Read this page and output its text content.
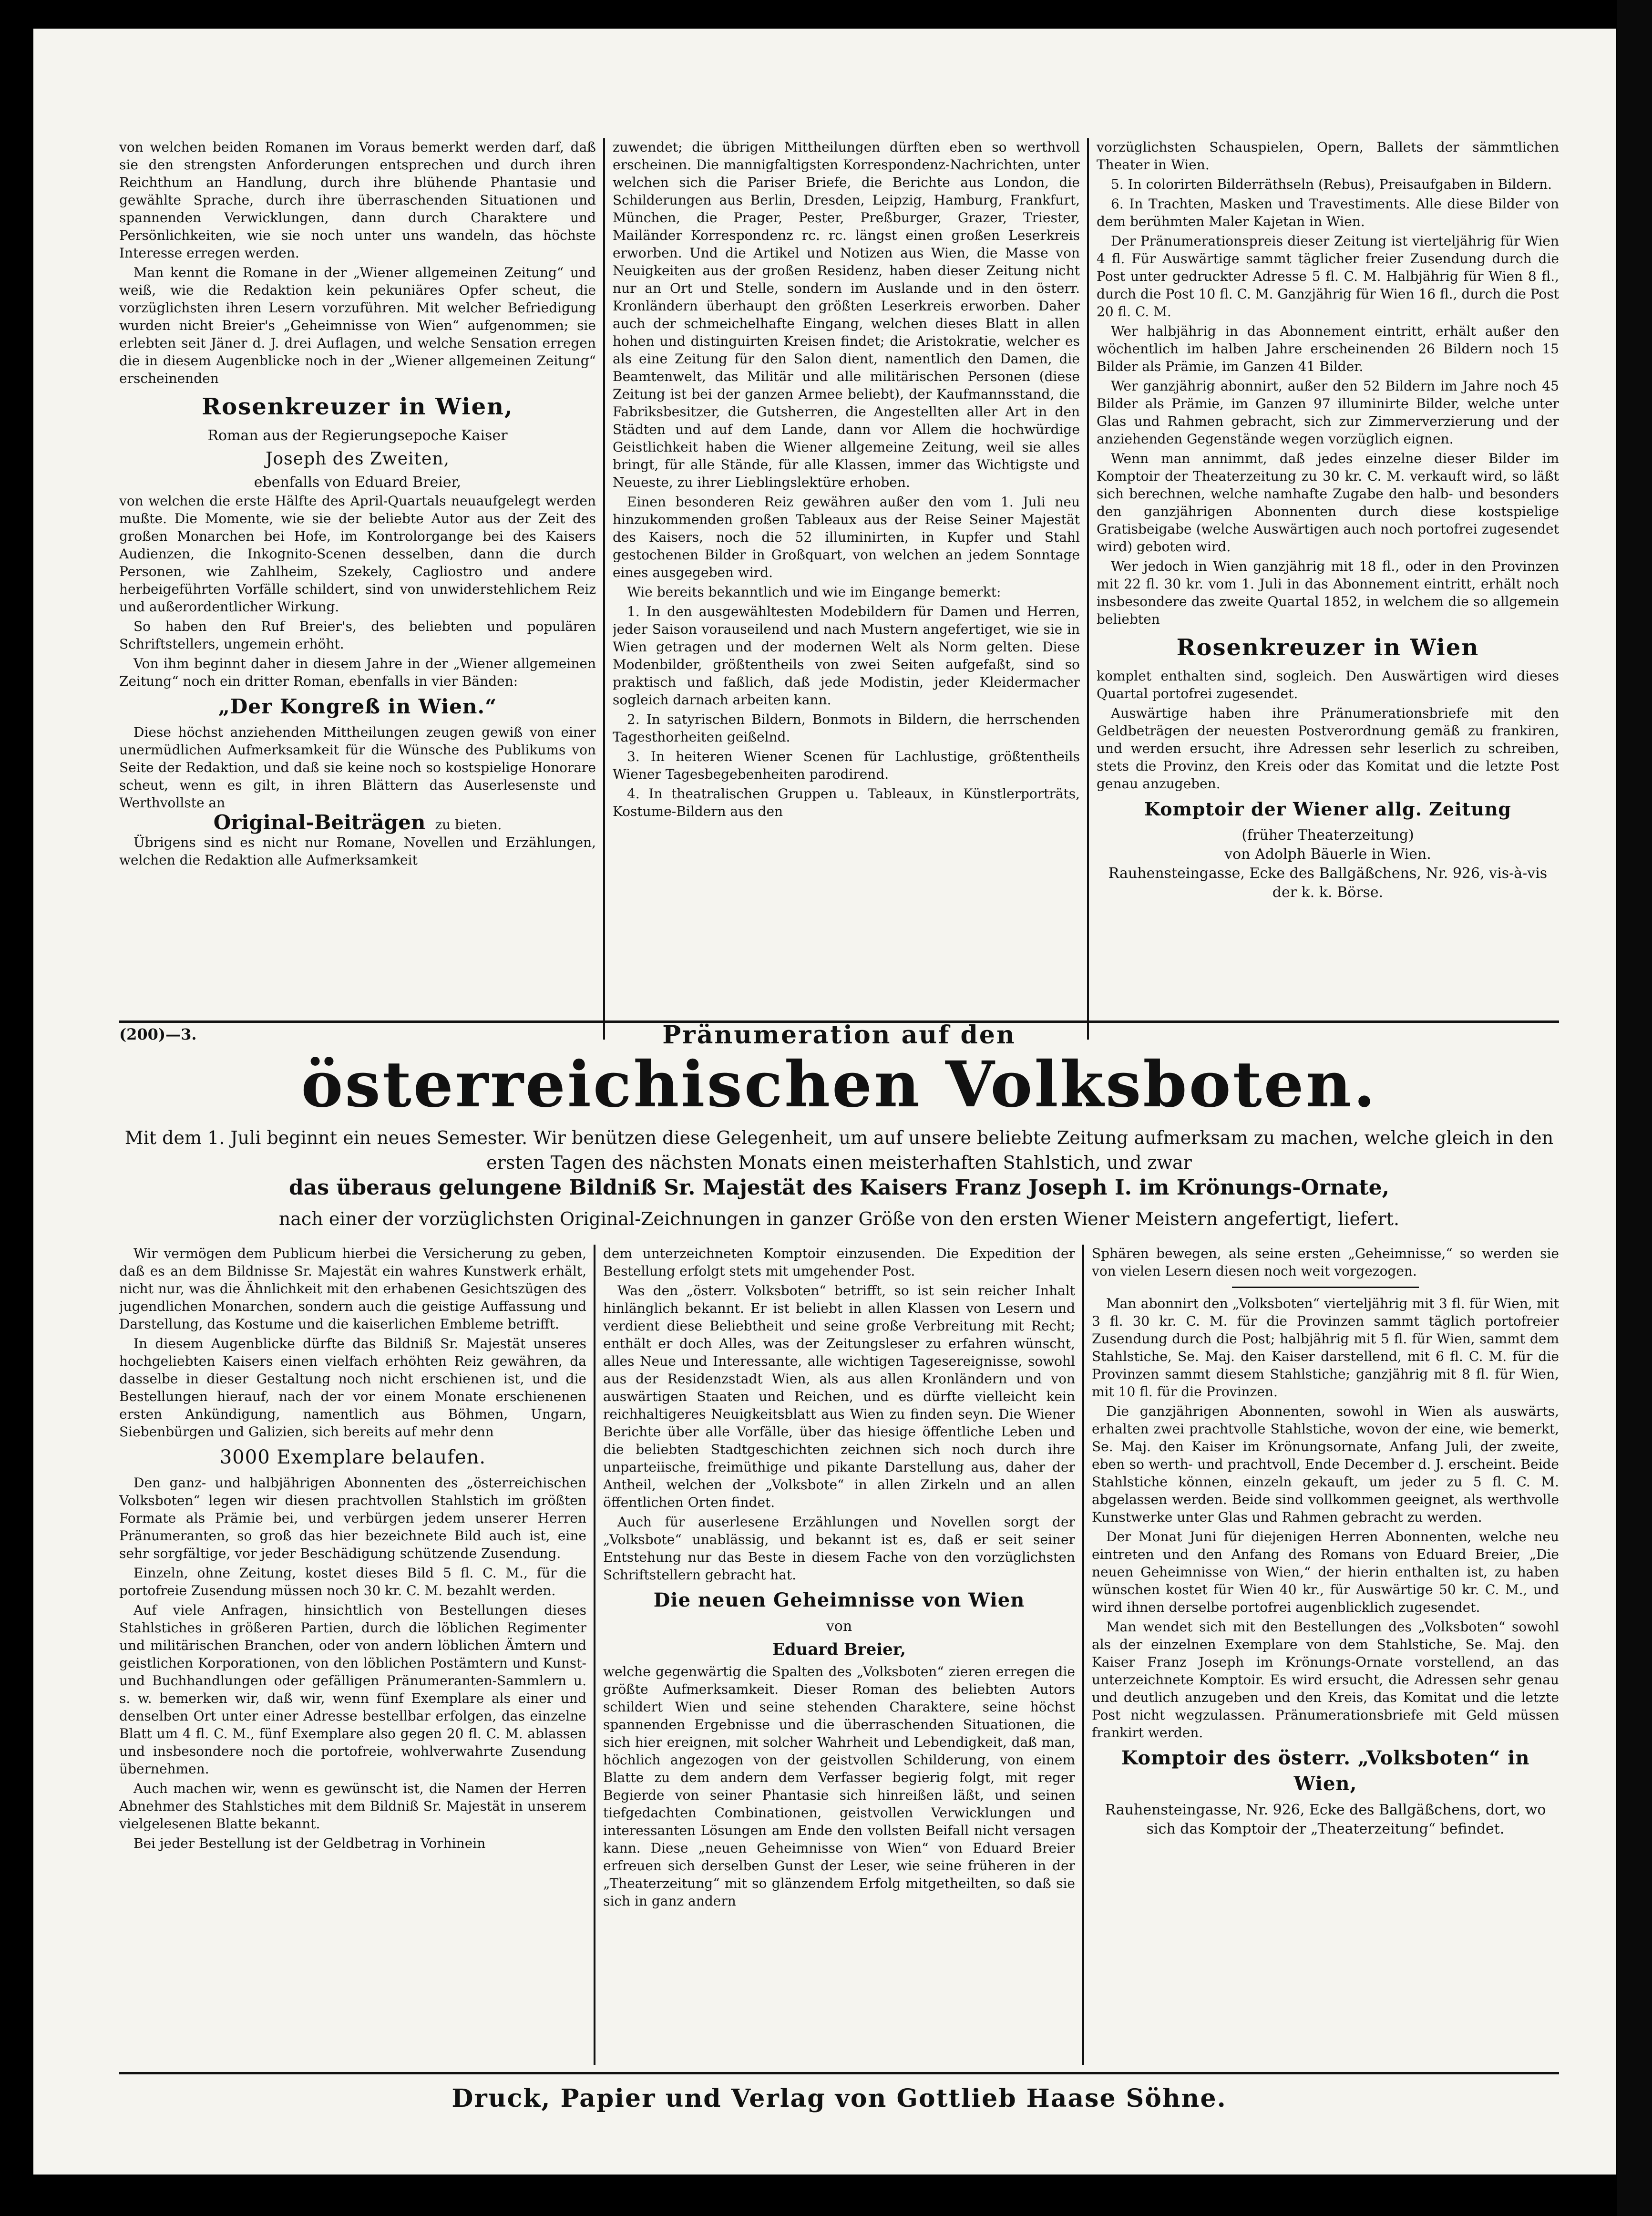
von welchen beiden Romanen im Voraus bemerkt werden darf, daß sie den strengsten Anforderungen entsprechen und durch ihren Reichthum an Handlung, durch ihre blühende Phantasie und gewählte Sprache, durch ihre überraschenden Situationen und spannenden Verwicklungen, dann durch Charaktere und Persönlichkeiten, wie sie noch unter uns wandeln, das höchste Interesse erregen werden.

Man kennt die Romane in der „Wiener allgemeinen Zeitung“ und weiß, wie die Redaktion kein pekuniäres Opfer scheut, die vorzüglichsten ihren Lesern vorzuführen. Mit welcher Befriedigung wurden nicht Breier's „Geheimnisse von Wien“ aufgenommen; sie erlebten seit Jäner d. J. drei Auflagen, und welche Sensation erregen die in diesem Augenblicke noch in der „Wiener allgemeinen Zeitung“ erscheinenden

Rosenkreuzer in Wien,
Roman aus der Regierungsepoche Kaiser
Joseph des Zweiten,
ebenfalls von Eduard Breier,

von welchen die erste Hälfte des April-Quartals neuaufgelegt werden mußte. Die Momente, wie sie der beliebte Autor aus der Zeit des großen Monarchen bei Hofe, im Kontrolorgange bei des Kaisers Audienzen, die Inkognito-Scenen desselben, dann die durch Personen, wie Zahlheim, Szekely, Cagliostro und andere herbeigeführten Vorfälle schildert, sind von unwiderstehlichem Reiz und außerordentlicher Wirkung.

So haben den Ruf Breier's, des beliebten und populären Schriftstellers, ungemein erhöht.

Von ihm beginnt daher in diesem Jahre in der „Wiener allgemeinen Zeitung“ noch ein dritter Roman, ebenfalls in vier Bänden:

„Der Kongreß in Wien.“

Diese höchst anziehenden Mittheilungen zeugen gewiß von einer unermüdlichen Aufmerksamkeit für die Wünsche des Publikums von Seite der Redaktion, und daß sie keine noch so kostspielige Honorare scheut, wenn es gilt, in ihren Blättern das Auserlesenste und Werthvollste an

Original-Beiträgen zu bieten.

Übrigens sind es nicht nur Romane, Novellen und Erzählungen, welchen die Redaktion alle Aufmerksamkeit

zuwendet; die übrigen Mittheilungen dürften eben so werthvoll erscheinen. Die mannigfaltigsten Korrespondenz-Nachrichten, unter welchen sich die Pariser Briefe, die Berichte aus London, die Schilderungen aus Berlin, Dresden, Leipzig, Hamburg, Frankfurt, München, die Prager, Pester, Preßburger, Grazer, Triester, Mailänder Korrespondenz rc. rc. längst einen großen Leserkreis erworben. Und die Artikel und Notizen aus Wien, die Masse von Neuigkeiten aus der großen Residenz, haben dieser Zeitung nicht nur an Ort und Stelle, sondern im Auslande und in den österr. Kronländern überhaupt den größten Leserkreis erworben. Daher auch der schmeichelhafte Eingang, welchen dieses Blatt in allen hohen und distinguirten Kreisen findet; die Aristokratie, welcher es als eine Zeitung für den Salon dient, namentlich den Damen, die Beamtenwelt, das Militär und alle militärischen Personen (diese Zeitung ist bei der ganzen Armee beliebt), der Kaufmannsstand, die Fabriksbesitzer, die Gutsherren, die Angestellten aller Art in den Städten und auf dem Lande, dann vor Allem die hochwürdige Geistlichkeit haben die Wiener allgemeine Zeitung, weil sie alles bringt, für alle Stände, für alle Klassen, immer das Wichtigste und Neueste, zu ihrer Lieblingslektüre erhoben.

Einen besonderen Reiz gewähren außer den vom 1. Juli neu hinzukommenden großen Tableaux aus der Reise Seiner Majestät des Kaisers, noch die 52 illuminirten, in Kupfer und Stahl gestochenen Bilder in Großquart, von welchen an jedem Sonntage eines ausgegeben wird.

Wie bereits bekanntlich und wie im Eingange bemerkt:

1. In den ausgewähltesten Modebildern für Damen und Herren, jeder Saison vorauseilend und nach Mustern angefertiget, wie sie in Wien getragen und der modernen Welt als Norm gelten. Diese Modenbilder, größtentheils von zwei Seiten aufgefaßt, sind so praktisch und faßlich, daß jede Modistin, jeder Kleidermacher sogleich darnach arbeiten kann.

2. In satyrischen Bildern, Bonmots in Bildern, die herrschenden Tagesthorheiten geißelnd.

3. In heiteren Wiener Scenen für Lachlustige, größtentheils Wiener Tagesbegebenheiten parodirend.

4. In theatralischen Gruppen u. Tableaux, in Künstlerporträts, Kostume-Bildern aus den

vorzüglichsten Schauspielen, Opern, Ballets der sämmtlichen Theater in Wien.

5. In colorirten Bilderräthseln (Rebus), Preisaufgaben in Bildern.

6. In Trachten, Masken und Travestiments. Alle diese Bilder von dem berühmten Maler Kajetan in Wien.

Der Pränumerationspreis dieser Zeitung ist vierteljährig für Wien 4 fl. Für Auswärtige sammt täglicher freier Zusendung durch die Post unter gedruckter Adresse 5 fl. C. M. Halbjährig für Wien 8 fl., durch die Post 10 fl. C. M. Ganzjährig für Wien 16 fl., durch die Post 20 fl. C. M.

Wer halbjährig in das Abonnement eintritt, erhält außer den wöchentlich im halben Jahre erscheinenden 26 Bildern noch 15 Bilder als Prämie, im Ganzen 41 Bilder.

Wer ganzjährig abonnirt, außer den 52 Bildern im Jahre noch 45 Bilder als Prämie, im Ganzen 97 illuminirte Bilder, welche unter Glas und Rahmen gebracht, sich zur Zimmerverzierung und der anziehenden Gegenstände wegen vorzüglich eignen.

Wenn man annimmt, daß jedes einzelne dieser Bilder im Komptoir der Theaterzeitung zu 30 kr. C. M. verkauft wird, so läßt sich berechnen, welche namhafte Zugabe den halb- und besonders den ganzjährigen Abonnenten durch diese kostspielige Gratisbeigabe (welche Auswärtigen auch noch portofrei zugesendet wird) geboten wird.

Wer jedoch in Wien ganzjährig mit 18 fl., oder in den Provinzen mit 22 fl. 30 kr. vom 1. Juli in das Abonnement eintritt, erhält noch insbesondere das zweite Quartal 1852, in welchem die so allgemein beliebten

Rosenkreuzer in Wien

komplet enthalten sind, sogleich. Den Auswärtigen wird dieses Quartal portofrei zugesendet.

Auswärtige haben ihre Pränumerationsbriefe mit den Geldbeträgen der neuesten Postverordnung gemäß zu frankiren, und werden ersucht, ihre Adressen sehr leserlich zu schreiben, stets die Provinz, den Kreis oder das Komitat und die letzte Post genau anzugeben.

Komptoir der Wiener allg. Zeitung
(früher Theaterzeitung)
von Adolph Bäuerle in Wien.
Rauhensteingasse, Ecke des Ballgäßchens, Nr. 926, vis-à-vis der k. k. Börse.
(200)—3.	Pränumeration auf den
österreichischen Volksboten.
Mit dem 1. Juli beginnt ein neues Semester. Wir benützen diese Gelegenheit, um auf unsere beliebte Zeitung aufmerksam zu machen, welche gleich in den ersten Tagen des nächsten Monats einen meisterhaften Stahlstich, und zwar
das überaus gelungene Bildniß Sr. Majestät des Kaisers Franz Joseph I. im Krönungs-Ornate,
nach einer der vorzüglichsten Original-Zeichnungen in ganzer Größe von den ersten Wiener Meistern angefertigt, liefert.

Wir vermögen dem Publicum hierbei die Versicherung zu geben, daß es an dem Bildnisse Sr. Majestät ein wahres Kunstwerk erhält, nicht nur, was die Ähnlichkeit mit den erhabenen Gesichtszügen des jugendlichen Monarchen, sondern auch die geistige Auffassung und Darstellung, das Kostume und die kaiserlichen Embleme betrifft.

In diesem Augenblicke dürfte das Bildniß Sr. Majestät unseres hochgeliebten Kaisers einen vielfach erhöhten Reiz gewähren, da dasselbe in dieser Gestaltung noch nicht erschienen ist, und die Bestellungen hierauf, nach der vor einem Monate erschienenen ersten Ankündigung, namentlich aus Böhmen, Ungarn, Siebenbürgen und Galizien, sich bereits auf mehr denn

3000 Exemplare belaufen.

Den ganz- und halbjährigen Abonnenten des „österreichischen Volksboten“ legen wir diesen prachtvollen Stahlstich im größten Formate als Prämie bei, und verbürgen jedem unserer Herren Pränumeranten, so groß das hier bezeichnete Bild auch ist, eine sehr sorgfältige, vor jeder Beschädigung schützende Zusendung.

Einzeln, ohne Zeitung, kostet dieses Bild 5 fl. C. M., für die portofreie Zusendung müssen noch 30 kr. C. M. bezahlt werden.

Auf viele Anfragen, hinsichtlich von Bestellungen dieses Stahlstiches in größeren Partien, durch die löblichen Regimenter und militärischen Branchen, oder von andern löblichen Ämtern und geistlichen Korporationen, von den löblichen Postämtern und Kunst- und Buchhandlungen oder gefälligen Pränumeranten-Sammlern u. s. w. bemerken wir, daß wir, wenn fünf Exemplare als einer und denselben Ort unter einer Adresse bestellbar erfolgen, das einzelne Blatt um 4 fl. C. M., fünf Exemplare also gegen 20 fl. C. M. ablassen und insbesondere noch die portofreie, wohlverwahrte Zusendung übernehmen.

Auch machen wir, wenn es gewünscht ist, die Namen der Herren Abnehmer des Stahlstiches mit dem Bildniß Sr. Majestät in unserem vielgelesenen Blatte bekannt.

Bei jeder Bestellung ist der Geldbetrag in Vorhinein

dem unterzeichneten Komptoir einzusenden. Die Expedition der Bestellung erfolgt stets mit umgehender Post.

Was den „österr. Volksboten“ betrifft, so ist sein reicher Inhalt hinlänglich bekannt. Er ist beliebt in allen Klassen von Lesern und verdient diese Beliebtheit und seine große Verbreitung mit Recht; enthält er doch Alles, was der Zeitungsleser zu erfahren wünscht, alles Neue und Interessante, alle wichtigen Tagesereignisse, sowohl aus der Residenzstadt Wien, als aus allen Kronländern und von auswärtigen Staaten und Reichen, und es dürfte vielleicht kein reichhaltigeres Neuigkeitsblatt aus Wien zu finden seyn. Die Wiener Berichte über alle Vorfälle, über das hiesige öffentliche Leben und die beliebten Stadtgeschichten zeichnen sich noch durch ihre unparteiische, freimüthige und pikante Darstellung aus, daher der Antheil, welchen der „Volksbote“ in allen Zirkeln und an allen öffentlichen Orten findet.

Auch für auserlesene Erzählungen und Novellen sorgt der „Volksbote“ unablässig, und bekannt ist es, daß er seit seiner Entstehung nur das Beste in diesem Fache von den vorzüglichsten Schriftstellern gebracht hat.

Die neuen Geheimnisse von Wien
von
Eduard Breier,

welche gegenwärtig die Spalten des „Volksboten“ zieren erregen die größte Aufmerksamkeit. Dieser Roman des beliebten Autors schildert Wien und seine stehenden Charaktere, seine höchst spannenden Ergebnisse und die überraschenden Situationen, die sich hier ereignen, mit solcher Wahrheit und Lebendigkeit, daß man, höchlich angezogen von der geistvollen Schilderung, von einem Blatte zu dem andern dem Verfasser begierig folgt, mit reger Begierde von seiner Phantasie sich hinreißen läßt, und seinen tiefgedachten Combinationen, geistvollen Verwicklungen und interessanten Lösungen am Ende den vollsten Beifall nicht versagen kann. Diese „neuen Geheimnisse von Wien“ von Eduard Breier erfreuen sich derselben Gunst der Leser, wie seine früheren in der „Theaterzeitung“ mit so glänzendem Erfolg mitgetheilten, so daß sie sich in ganz andern

Sphären bewegen, als seine ersten „Geheimnisse,“ so werden sie von vielen Lesern diesen noch weit vorgezogen.

Man abonnirt den „Volksboten“ vierteljährig mit 3 fl. für Wien, mit 3 fl. 30 kr. C. M. für die Provinzen sammt täglich portofreier Zusendung durch die Post; halbjährig mit 5 fl. für Wien, sammt dem Stahlstiche, Se. Maj. den Kaiser darstellend, mit 6 fl. C. M. für die Provinzen sammt diesem Stahlstiche; ganzjährig mit 8 fl. für Wien, mit 10 fl. für die Provinzen.

Die ganzjährigen Abonnenten, sowohl in Wien als auswärts, erhalten zwei prachtvolle Stahlstiche, wovon der eine, wie bemerkt, Se. Maj. den Kaiser im Krönungsornate, Anfang Juli, der zweite, eben so werth- und prachtvoll, Ende December d. J. erscheint. Beide Stahlstiche können, einzeln gekauft, um jeder zu 5 fl. C. M. abgelassen werden. Beide sind vollkommen geeignet, als werthvolle Kunstwerke unter Glas und Rahmen gebracht zu werden.

Der Monat Juni für diejenigen Herren Abonnenten, welche neu eintreten und den Anfang des Romans von Eduard Breier, „Die neuen Geheimnisse von Wien,“ der hierin enthalten ist, zu haben wünschen kostet für Wien 40 kr., für Auswärtige 50 kr. C. M., und wird ihnen derselbe portofrei augenblicklich zugesendet.

Man wendet sich mit den Bestellungen des „Volksboten“ sowohl als der einzelnen Exemplare von dem Stahlstiche, Se. Maj. den Kaiser Franz Joseph im Krönungs-Ornate vorstellend, an das unterzeichnete Komptoir. Es wird ersucht, die Adressen sehr genau und deutlich anzugeben und den Kreis, das Komitat und die letzte Post nicht wegzulassen. Pränumerationsbriefe mit Geld müssen frankirt werden.

Komptoir des österr. „Volksboten“ in Wien,
Rauhensteingasse, Nr. 926, Ecke des Ballgäßchens, dort, wo sich das Komptoir der „Theaterzeitung“ befindet.
Druck, Papier und Verlag von Gottlieb Haase Söhne.
